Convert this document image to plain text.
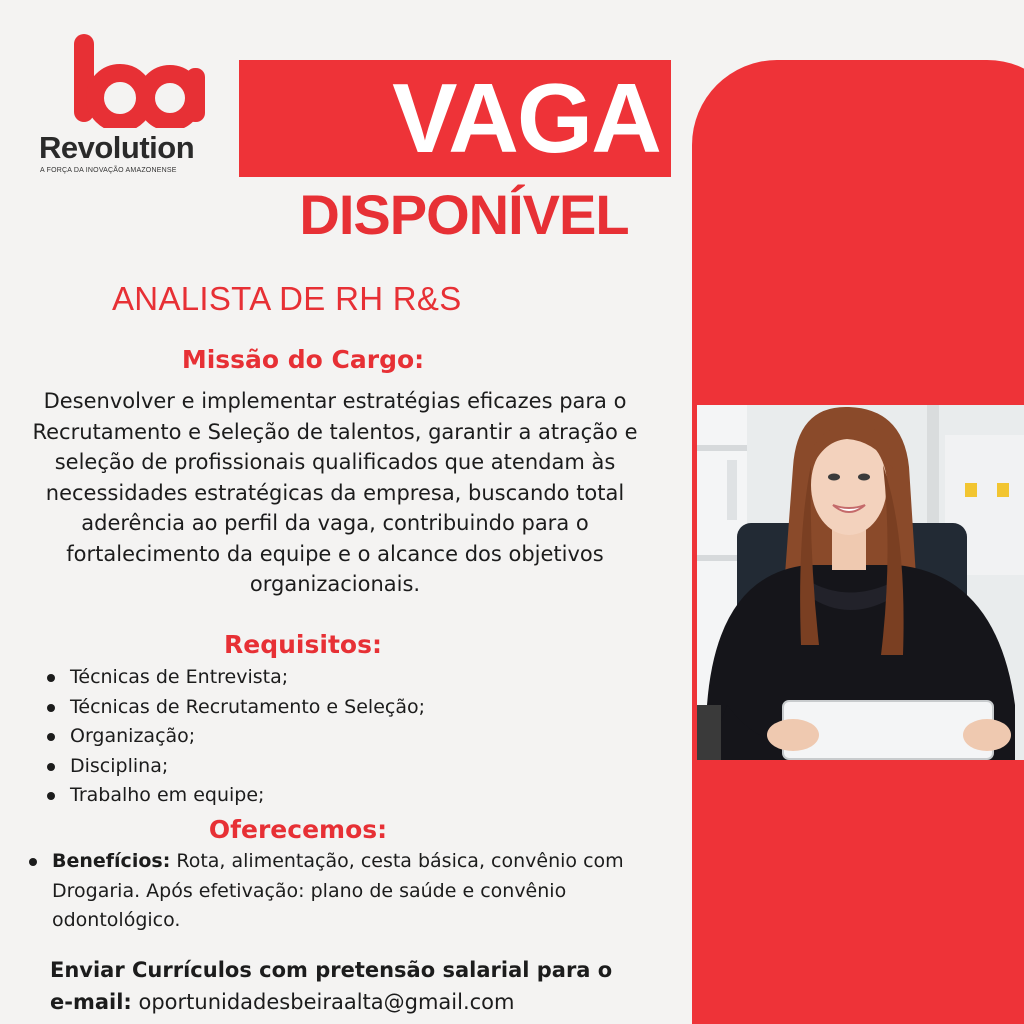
Revolution
A FORÇA DA INOVAÇÃO AMAZONENSE VAGA
DISPONÍVEL
ANALISTA DE RH R&S
Missão do Cargo:
Desenvolver e implementar estratégias eficazes para o Recrutamento e Seleção de talentos, garantir a atração e seleção de profissionais qualificados que atendam às necessidades estratégicas da empresa, buscando total aderência ao perfil da vaga, contribuindo para o fortalecimento da equipe e o alcance dos objetivos organizacionais.
Requisitos:
Técnicas de Entrevista;
Técnicas de Recrutamento e Seleção;
Organização;
Disciplina;
Trabalho em equipe;
Oferecemos:
Benefícios: Rota, alimentação, cesta básica, convênio com Drogaria. Após efetivação: plano de saúde e convênio odontológico.
Enviar Currículos com pretensão salarial para o
e-mail: oportunidadesbeiraalta@gmail.com
